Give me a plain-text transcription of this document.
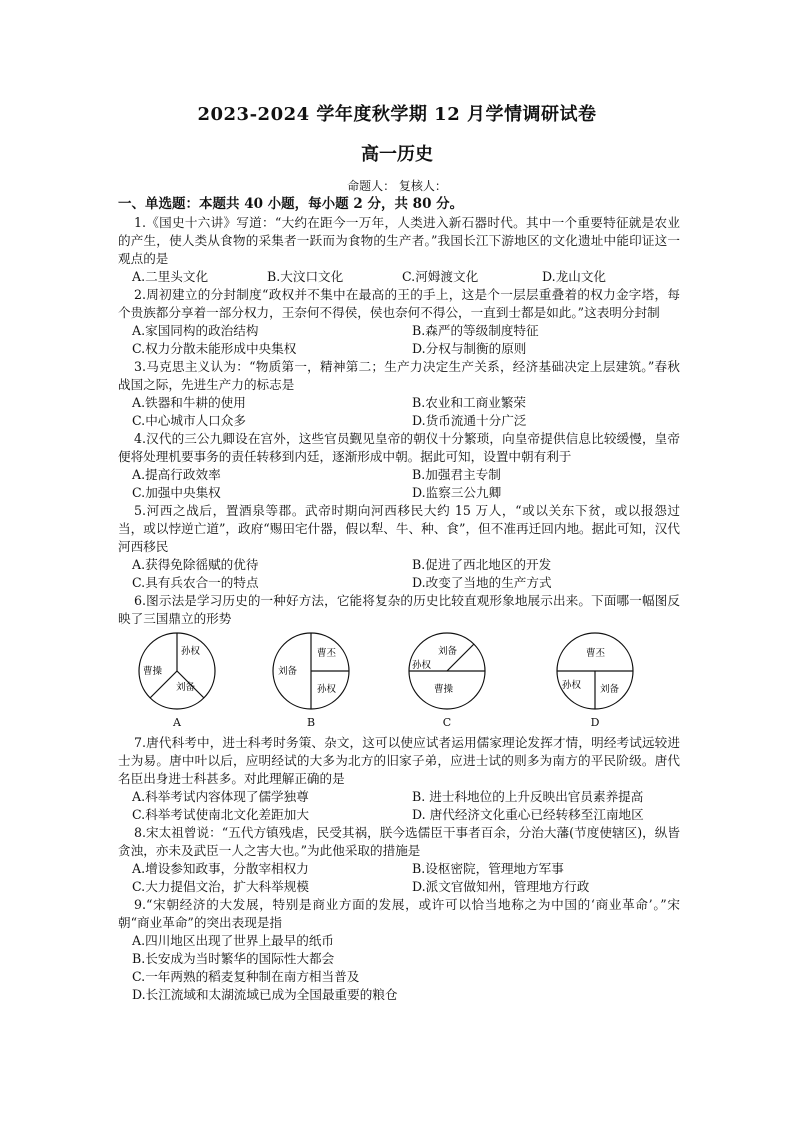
2023-2024 学年度秋学期 12 月学情调研试卷
高一历史
命题人： 复核人：
一、单选题：本题共 40 小题，每小题 2 分，共 80 分。

1.《国史十六讲》写道：“大约在距今一万年，人类进入新石器时代。其中一个重要特征就是农业的产生，使人类从食物的采集者一跃而为食物的生产者。”我国长江下游地区的文化遗址中能印证这一观点的是

A.二里头文化	B.大汶口文化	C.河姆渡文化	D.龙山文化

2.周初建立的分封制度“政权并不集中在最高的王的手上，这是个一层层重叠着的权力金字塔，每个贵族都分享着一部分权力，王奈何不得侯，侯也奈何不得公，一直到士都是如此。”这表明分封制

A.家国同构的政治结构	B.森严的等级制度特征
C.权力分散未能形成中央集权	D.分权与制衡的原则

3.马克思主义认为：“物质第一，精神第二；生产力决定生产关系，经济基础决定上层建筑。”春秋战国之际，先进生产力的标志是

A.铁器和牛耕的使用	B.农业和工商业繁荣
C.中心城市人口众多	D.货币流通十分广泛

4.汉代的三公九卿设在宫外，这些官员觐见皇帝的朝仪十分繁琐，向皇帝提供信息比较缓慢，皇帝便将处理机要事务的责任转移到内廷，逐渐形成中朝。据此可知，设置中朝有利于

A.提高行政效率	B.加强君主专制
C.加强中央集权	D.监察三公九卿

5.河西之战后，置酒泉等郡。武帝时期向河西移民大约 15 万人，“或以关东下贫，或以报怨过当，或以悖逆亡道”，政府“赐田宅什器，假以犁、牛、种、食”，但不准再迁回内地。据此可知，汉代河西移民

A.获得免除徭赋的优待	B.促进了西北地区的开发
C.具有兵农合一的特点	D.改变了当地的生产方式

6.图示法是学习历史的一种好方法，它能将复杂的历史比较直观形象地展示出来。下面哪一幅图反映了三国鼎立的形势

孙权
曹操
刘备
A
曹丕
刘备
孙权
B
刘备
孙权
曹操
C
曹丕
孙权 刘备
D

7.唐代科考中，进士科考时务策、杂文，这可以使应试者运用儒家理论发挥才情，明经考试远较进士为易。唐中叶以后，应明经试的大多为北方的旧家子弟，应进士试的则多为南方的平民阶级。唐代名臣出身进士科甚多。对此理解正确的是

A.科举考试内容体现了儒学独尊	B. 进士科地位的上升反映出官员素养提高
C.科举考试使南北文化差距加大	D. 唐代经济文化重心已经转移至江南地区

8.宋太祖曾说：“五代方镇残虐，民受其祸，朕今选儒臣干事者百余，分治大藩(节度使辖区)，纵皆贪浊，亦未及武臣一人之害大也。”为此他采取的措施是

A.增设参知政事，分散宰相权力	B.设枢密院，管理地方军事
C.大力提倡文治，扩大科举规模	D.派文官做知州，管理地方行政

9.“宋朝经济的大发展，特别是商业方面的发展，或许可以恰当地称之为中国的‘商业革命’。”宋朝“商业革命”的突出表现是指

A.四川地区出现了世界上最早的纸币
B.长安成为当时繁华的国际性大都会
C.一年两熟的稻麦复种制在南方相当普及
D.长江流域和太湖流域已成为全国最重要的粮仓
